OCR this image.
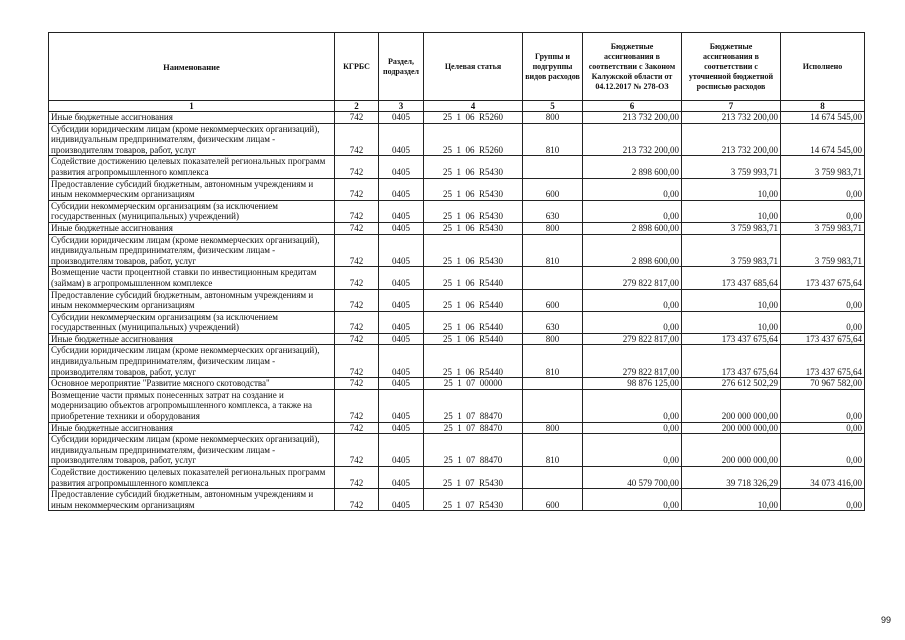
Наименование	КГРБС	Раздел, подраздел	Целевая статья	Группы и подгруппы видов расходов	Бюджетные ассигнования в соответствии с Законом Калужской области от 04.12.2017 № 278-ОЗ	Бюджетные ассигнования в соответствии с уточненной бюджетной росписью расходов	Исполнено
1	2	3	4	5	6	7	8
Иные бюджетные ассигнования	742	0405	25  1  06  R5260	800	213 732 200,00	213 732 200,00	14 674 545,00
Субсидии юридическим лицам (кроме некоммерческих организаций), индивидуальным предпринимателям, физическим лицам - производителям товаров, работ, услуг	742	0405	25  1  06  R5260	810	213 732 200,00	213 732 200,00	14 674 545,00
Содействие достижению целевых показателей региональных программ развития агропромышленного комплекса	742	0405	25  1  06  R5430		2 898 600,00	3 759 993,71	3 759 983,71
Предоставление субсидий бюджетным, автономным учреждениям и иным некоммерческим организациям	742	0405	25  1  06  R5430	600	0,00	10,00	0,00
Субсидии некоммерческим организациям (за исключением государственных (муниципальных) учреждений)	742	0405	25  1  06  R5430	630	0,00	10,00	0,00
Иные бюджетные ассигнования	742	0405	25  1  06  R5430	800	2 898 600,00	3 759 983,71	3 759 983,71
Субсидии юридическим лицам (кроме некоммерческих организаций), индивидуальным предпринимателям, физическим лицам - производителям товаров, работ, услуг	742	0405	25  1  06  R5430	810	2 898 600,00	3 759 983,71	3 759 983,71
Возмещение части процентной ставки по инвестиционным кредитам (займам) в агропромышленном комплексе	742	0405	25  1  06  R5440		279 822 817,00	173 437 685,64	173 437 675,64
Предоставление субсидий бюджетным, автономным учреждениям и иным некоммерческим организациям	742	0405	25  1  06  R5440	600	0,00	10,00	0,00
Субсидии некоммерческим организациям (за исключением государственных (муниципальных) учреждений)	742	0405	25  1  06  R5440	630	0,00	10,00	0,00
Иные бюджетные ассигнования	742	0405	25  1  06  R5440	800	279 822 817,00	173 437 675,64	173 437 675,64
Субсидии юридическим лицам (кроме некоммерческих организаций), индивидуальным предпринимателям, физическим лицам - производителям товаров, работ, услуг	742	0405	25  1  06  R5440	810	279 822 817,00	173 437 675,64	173 437 675,64
Основное мероприятие "Развитие мясного скотоводства"	742	0405	25  1  07  00000		98 876 125,00	276 612 502,29	70 967 582,00
Возмещение части прямых понесенных затрат на создание и модернизацию объектов агропромышленного комплекса, а также на приобретение техники и оборудования	742	0405	25  1  07  88470		0,00	200 000 000,00	0,00
Иные бюджетные ассигнования	742	0405	25  1  07  88470	800	0,00	200 000 000,00	0,00
Субсидии юридическим лицам (кроме некоммерческих организаций), индивидуальным предпринимателям, физическим лицам - производителям товаров, работ, услуг	742	0405	25  1  07  88470	810	0,00	200 000 000,00	0,00
Содействие достижению целевых показателей региональных программ развития агропромышленного комплекса	742	0405	25  1  07  R5430		40 579 700,00	39 718 326,29	34 073 416,00
Предоставление субсидий бюджетным, автономным учреждениям и иным некоммерческим организациям	742	0405	25  1  07  R5430	600	0,00	10,00	0,00
99
